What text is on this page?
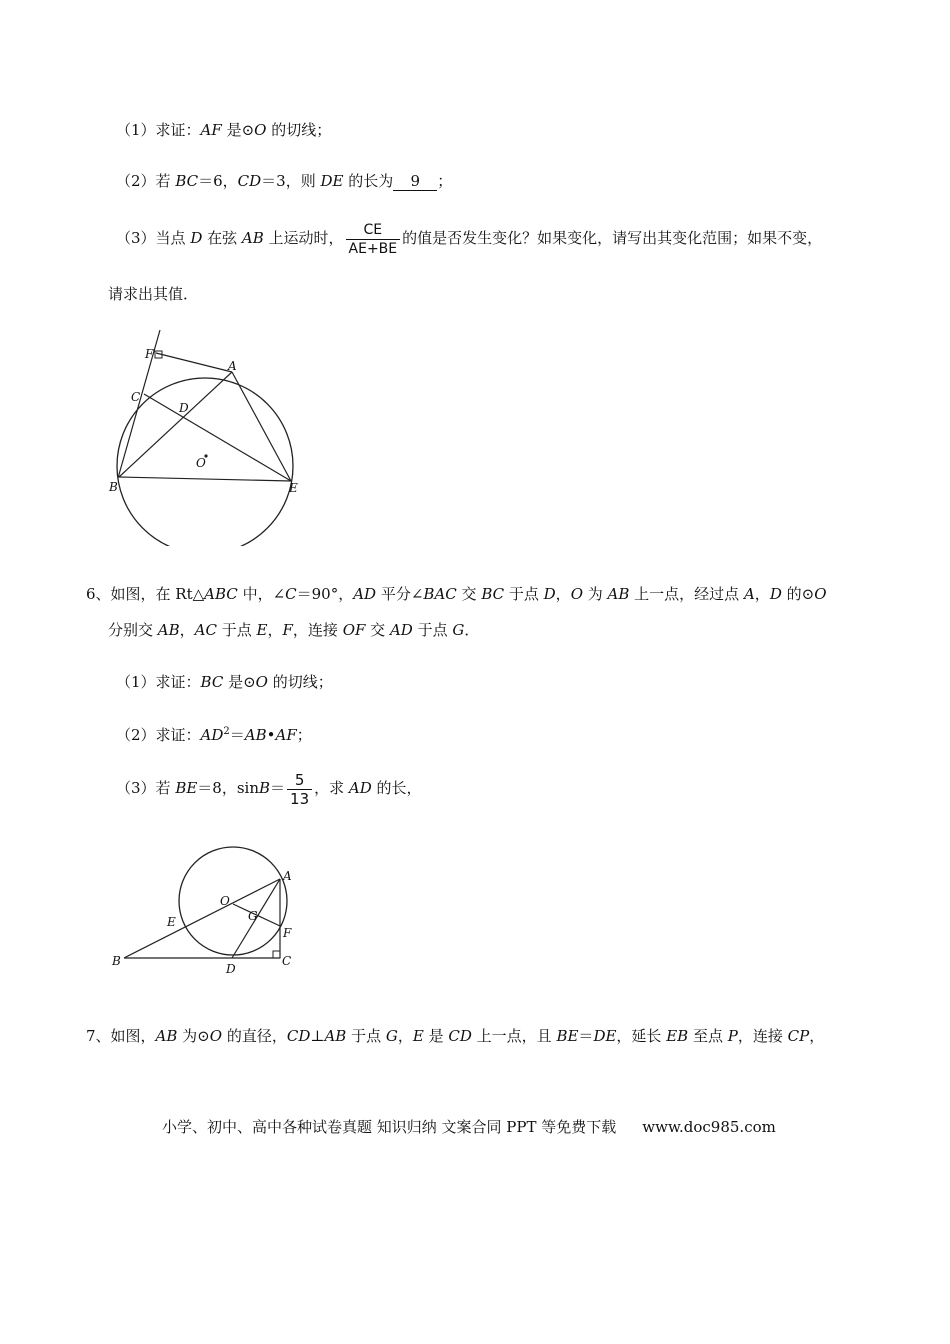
（1）求证：AF 是⊙O 的切线；
（2）若 BC＝6，CD＝3，则 DE 的长为 9 ；
（3）当点 D 在弦 AB 上运动时， $\frac{CE}{AE+BE}$ 的值是否发生变化？如果变化，请写出其变化范围；如果不变，
请求出其值．
F
A
C
D
O
B	E
6、如图，在 Rt△ABC 中，∠C＝90°，AD 平分∠BAC 交 BC 于点 D，O 为 AB 上一点，经过点 A，D 的⊙O
分别交 AB，AC 于点 E，F，连接 OF 交 AD 于点 G．
（1）求证：BC 是⊙O 的切线；
（2）求证：$AD^2=AB•AF$；
（3）若 BE＝8，$\sin B= \frac{5}{13}$ ，求 AD 的长，
A
O
G
E
F
B
D
C
7、如图，AB 为⊙O 的直径，CD⊥AB 于点 G，E 是 CD 上一点，且 BE＝DE，延长 EB 至点 P，连接 CP，
小学、初中、高中各种试卷真题 知识归纳 文案合同 PPT 等免费下载 www.doc985.com
